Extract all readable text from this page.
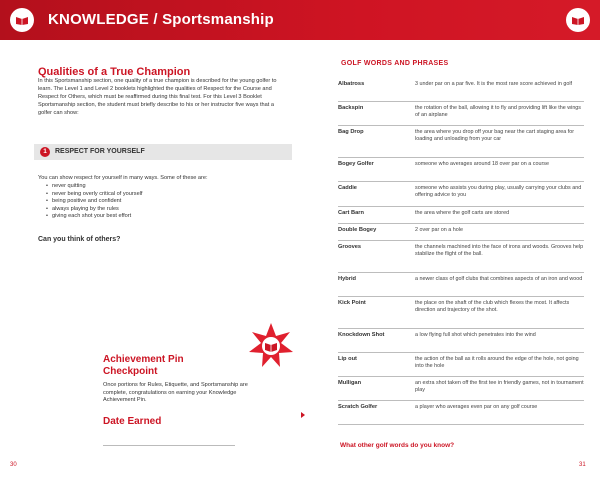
KNOWLEDGE / Sportsmanship
Qualities of a True Champion
In this Sportsmanship section, one quality of a true champion is described for the young golfer to learn. The Level 1 and Level 2 booklets highlighted the qualities of Respect for the Course and Respect for Others, which must be reaffirmed during this final test. For this Level 3 Booklet Sportsmanship section, the student must briefly describe to his or her instructor five ways that a golfer can show:
1	RESPECT FOR YOURSELF
You can show respect for yourself in many ways. Some of these are:
• never quitting
• never being overly critical of yourself
• being positive and confident
• always playing by the rules
• giving each shot your best effort
Can you think of others?
Achievement Pin
Checkpoint
Once portions for Rules, Etiquette, and Sportsmanship are complete, congratulations on earning your Knowledge Achievement Pin.
Date Earned
30
GOLF WORDS AND PHRASES
Albatross	3 under par on a par five. It is the most rare score achieved in golf
Backspin	the rotation of the ball, allowing it to fly and providing lift like the wings of an airplane
Bag Drop	the area where you drop off your bag near the cart staging area for loading and unloading from your car
Bogey Golfer	someone who averages around 18 over par on a course
Caddie	someone who assists you during play, usually carrying your clubs and offering advice to you
Cart Barn	the area where the golf carts are stored
Double Bogey	2 over par on a hole
Grooves	the channels machined into the face of irons and woods. Grooves help stabilize the flight of the ball.
Hybrid	a newer class of golf clubs that combines aspects of an iron and wood
Kick Point	the place on the shaft of the club which flexes the most. It affects direction and trajectory of the shot.
Knockdown Shot	a low flying full shot which penetrates into the wind
Lip out	the action of the ball as it rolls around the edge of the hole, not going into the hole
Mulligan	an extra shot taken off the first tee in friendly games, not in tournament play
Scratch Golfer	a player who averages even par on any golf course
What other golf words do you know?
31
